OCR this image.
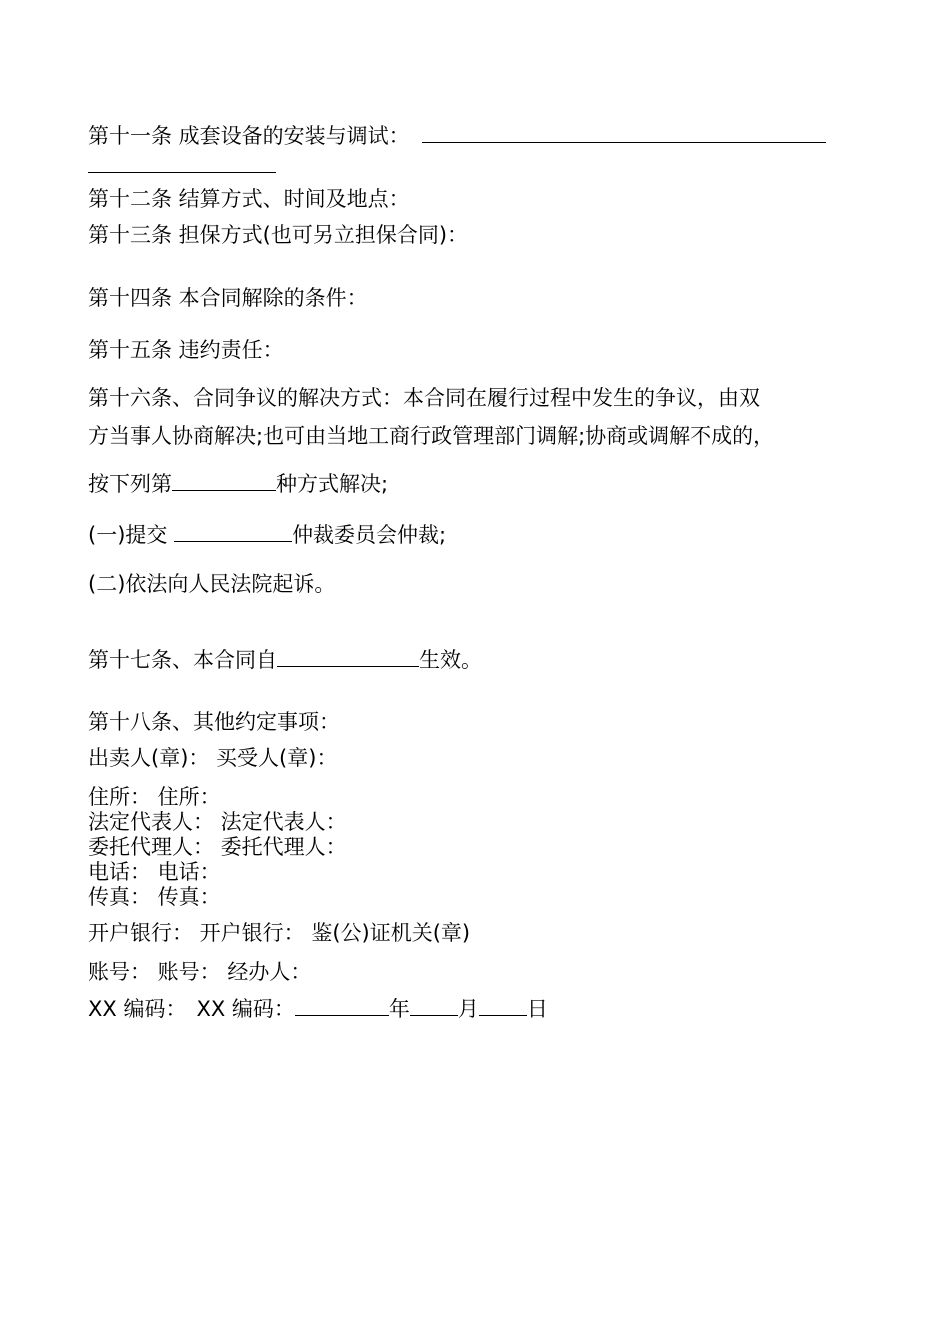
第十一条 成套设备的安装与调试：
第十二条 结算方式、时间及地点：
第十三条 担保方式(也可另立担保合同)：
第十四条 本合同解除的条件：
第十五条 违约责任：
第十六条、合同争议的解决方式：本合同在履行过程中发生的争议，由双
方当事人协商解决;也可由当地工商行政管理部门调解;协商或调解不成的，
按下列第	种方式解决;
(一)提交	仲裁委员会仲裁;
(二)依法向人民法院起诉。
第十七条、本合同自	生效。
第十八条、其他约定事项：
出卖人(章)： 买受人(章)：
住所： 住所：
法定代表人： 法定代表人：
委托代理人： 委托代理人：
电话： 电话：
传真： 传真：
开户银行： 开户银行： 鉴(公)证机关(章)
账号： 账号： 经办人：
XX 编码： XX 编码：	年 月 日
